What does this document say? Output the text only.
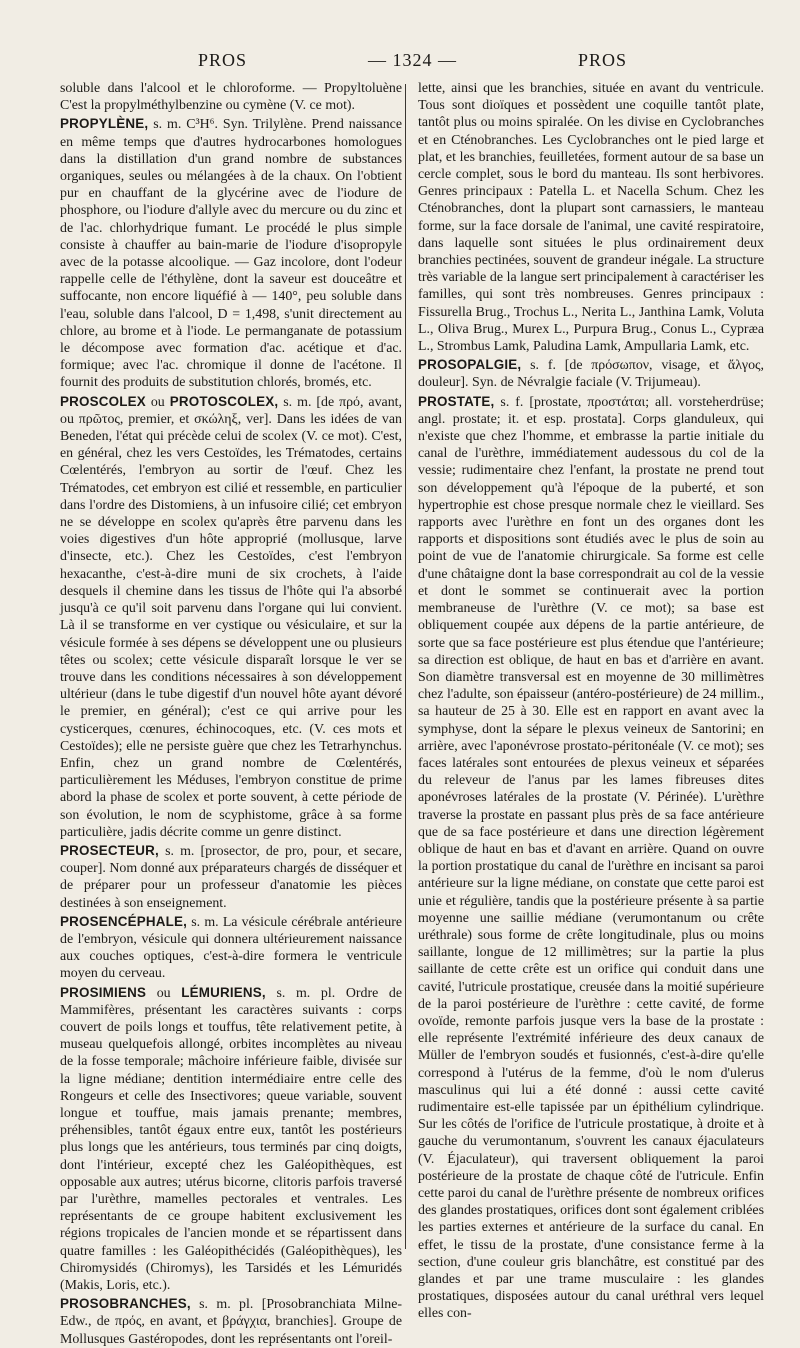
PROS	— 1324 —	PROS

soluble dans l'alcool et le chloroforme. — Propyltoluène C'est la propylméthylbenzine ou cymène (V. ce mot).

PROPYLÈNE, s. m. C³H⁶. Syn. Trilylène. Prend naissance en même temps que d'autres hydrocarbones homologues dans la distillation d'un grand nombre de substances organiques, seules ou mélangées à de la chaux. On l'obtient pur en chauffant de la glycérine avec de l'iodure de phosphore, ou l'iodure d'allyle avec du mercure ou du zinc et de l'ac. chlorhydrique fumant. Le procédé le plus simple consiste à chauffer au bain-marie de l'iodure d'isopropyle avec de la potasse alcoolique. — Gaz incolore, dont l'odeur rappelle celle de l'éthylène, dont la saveur est douceâtre et suffocante, non encore liquéfié à — 140°, peu soluble dans l'eau, soluble dans l'alcool, D = 1,498, s'unit directement au chlore, au brome et à l'iode. Le permanganate de potassium le décompose avec formation d'ac. acétique et d'ac. formique; avec l'ac. chromique il donne de l'acétone. Il fournit des produits de substitution chlorés, bromés, etc.

PROSCOLEX ou PROTOSCOLEX, s. m. [de πρό, avant, ou πρῶτος, premier, et σκώληξ, ver]. Dans les idées de van Beneden, l'état qui précède celui de scolex (V. ce mot). C'est, en général, chez les vers Cestoïdes, les Trématodes, certains Cœlentérés, l'embryon au sortir de l'œuf. Chez les Trématodes, cet embryon est cilié et ressemble, en particulier dans l'ordre des Distomiens, à un infusoire cilié; cet embryon ne se développe en scolex qu'après être parvenu dans les voies digestives d'un hôte approprié (mollusque, larve d'insecte, etc.). Chez les Cestoïdes, c'est l'embryon hexacanthe, c'est-à-dire muni de six crochets, à l'aide desquels il chemine dans les tissus de l'hôte qui l'a absorbé jusqu'à ce qu'il soit parvenu dans l'organe qui lui convient. Là il se transforme en ver cystique ou vésiculaire, et sur la vésicule formée à ses dépens se développent une ou plusieurs têtes ou scolex; cette vésicule disparaît lorsque le ver se trouve dans les conditions nécessaires à son développement ultérieur (dans le tube digestif d'un nouvel hôte ayant dévoré le premier, en général); c'est ce qui arrive pour les cysticerques, cœnures, échinocoques, etc. (V. ces mots et Cestoïdes); elle ne persiste guère que chez les Tetrarhynchus. Enfin, chez un grand nombre de Cœlentérés, particulièrement les Méduses, l'embryon constitue de prime abord la phase de scolex et porte souvent, à cette période de son évolution, le nom de scyphistome, grâce à sa forme particulière, jadis décrite comme un genre distinct.

PROSECTEUR, s. m. [prosector, de pro, pour, et secare, couper]. Nom donné aux préparateurs chargés de disséquer et de préparer pour un professeur d'anatomie les pièces destinées à son enseignement.

PROSENCÉPHALE, s. m. La vésicule cérébrale antérieure de l'embryon, vésicule qui donnera ultérieurement naissance aux couches optiques, c'est-à-dire formera le ventricule moyen du cerveau.

PROSIMIENS ou LÉMURIENS, s. m. pl. Ordre de Mammifères, présentant les caractères suivants : corps couvert de poils longs et touffus, tête relativement petite, à museau quelquefois allongé, orbites incomplètes au niveau de la fosse temporale; mâchoire inférieure faible, divisée sur la ligne médiane; dentition intermédiaire entre celle des Rongeurs et celle des Insectivores; queue variable, souvent longue et touffue, mais jamais prenante; membres, préhensibles, tantôt égaux entre eux, tantôt les postérieurs plus longs que les antérieurs, tous terminés par cinq doigts, dont l'intérieur, excepté chez les Galéopithèques, est opposable aux autres; utérus bicorne, clitoris parfois traversé par l'urèthre, mamelles pectorales et ventrales. Les représentants de ce groupe habitent exclusivement les régions tropicales de l'ancien monde et se répartissent dans quatre familles : les Galéopithécidés (Galéopithèques), les Chiromysidés (Chiromys), les Tarsidés et les Lémuridés (Makis, Loris, etc.).

PROSOBRANCHES, s. m. pl. [Prosobranchiata Milne-Edw., de πρός, en avant, et βράγχια, branchies]. Groupe de Mollusques Gastéropodes, dont les représentants ont l'oreil-

lette, ainsi que les branchies, située en avant du ventricule. Tous sont dioïques et possèdent une coquille tantôt plate, tantôt plus ou moins spiralée. On les divise en Cyclobranches et en Cténobranches. Les Cyclobranches ont le pied large et plat, et les branchies, feuilletées, forment autour de sa base un cercle complet, sous le bord du manteau. Ils sont herbivores. Genres principaux : Patella L. et Nacella Schum. Chez les Cténobranches, dont la plupart sont carnassiers, le manteau forme, sur la face dorsale de l'animal, une cavité respiratoire, dans laquelle sont situées le plus ordinairement deux branchies pectinées, souvent de grandeur inégale. La structure très variable de la langue sert principalement à caractériser les familles, qui sont très nombreuses. Genres principaux : Fissurella Brug., Trochus L., Nerita L., Janthina Lamk, Voluta L., Oliva Brug., Murex L., Purpura Brug., Conus L., Cypræa L., Strombus Lamk, Paludina Lamk, Ampullaria Lamk, etc.

PROSOPALGIE, s. f. [de πρόσωπον, visage, et ἄλγος, douleur]. Syn. de Névralgie faciale (V. Trijumeau).

PROSTATE, s. f. [prostate, προστάται; all. vorsteherdrüse; angl. prostate; it. et esp. prostata]. Corps glanduleux, qui n'existe que chez l'homme, et embrasse la partie initiale du canal de l'urèthre, immédiatement audessous du col de la vessie; rudimentaire chez l'enfant, la prostate ne prend tout son développement qu'à l'époque de la puberté, et son hypertrophie est chose presque normale chez le vieillard. Ses rapports avec l'urèthre en font un des organes dont les rapports et dispositions sont étudiés avec le plus de soin au point de vue de l'anatomie chirurgicale. Sa forme est celle d'une châtaigne dont la base correspondrait au col de la vessie et dont le sommet se continuerait avec la portion membraneuse de l'urèthre (V. ce mot); sa base est obliquement coupée aux dépens de la partie antérieure, de sorte que sa face postérieure est plus étendue que l'antérieure; sa direction est oblique, de haut en bas et d'arrière en avant. Son diamètre transversal est en moyenne de 30 millimètres chez l'adulte, son épaisseur (antéro-postérieure) de 24 millim., sa hauteur de 25 à 30. Elle est en rapport en avant avec la symphyse, dont la sépare le plexus veineux de Santorini; en arrière, avec l'aponévrose prostato-péritonéale (V. ce mot); ses faces latérales sont entourées de plexus veineux et séparées du releveur de l'anus par les lames fibreuses dites aponévroses latérales de la prostate (V. Périnée). L'urèthre traverse la prostate en passant plus près de sa face antérieure que de sa face postérieure et dans une direction légèrement oblique de haut en bas et d'avant en arrière. Quand on ouvre la portion prostatique du canal de l'urèthre en incisant sa paroi antérieure sur la ligne médiane, on constate que cette paroi est unie et régulière, tandis que la postérieure présente à sa partie moyenne une saillie médiane (verumontanum ou crête uréthrale) sous forme de crête longitudinale, plus ou moins saillante, longue de 12 millimètres; sur la partie la plus saillante de cette crête est un orifice qui conduit dans une cavité, l'utricule prostatique, creusée dans la moitié supérieure de la paroi postérieure de l'urèthre : cette cavité, de forme ovoïde, remonte parfois jusque vers la base de la prostate : elle représente l'extrémité inférieure des deux canaux de Müller de l'embryon soudés et fusionnés, c'est-à-dire qu'elle correspond à l'utérus de la femme, d'où le nom d'ulerus masculinus qui lui a été donné : aussi cette cavité rudimentaire est-elle tapissée par un épithélium cylindrique. Sur les côtés de l'orifice de l'utricule prostatique, à droite et à gauche du verumontanum, s'ouvrent les canaux éjaculateurs (V. Éjaculateur), qui traversent obliquement la paroi postérieure de la prostate de chaque côté de l'utricule. Enfin cette paroi du canal de l'urèthre présente de nombreux orifices des glandes prostatiques, orifices dont sont également criblées les parties externes et antérieure de la surface du canal. En effet, le tissu de la prostate, d'une consistance ferme à la section, d'une couleur gris blanchâtre, est constitué par des glandes et par une trame musculaire : les glandes prostatiques, disposées autour du canal uréthral vers lequel elles con-
